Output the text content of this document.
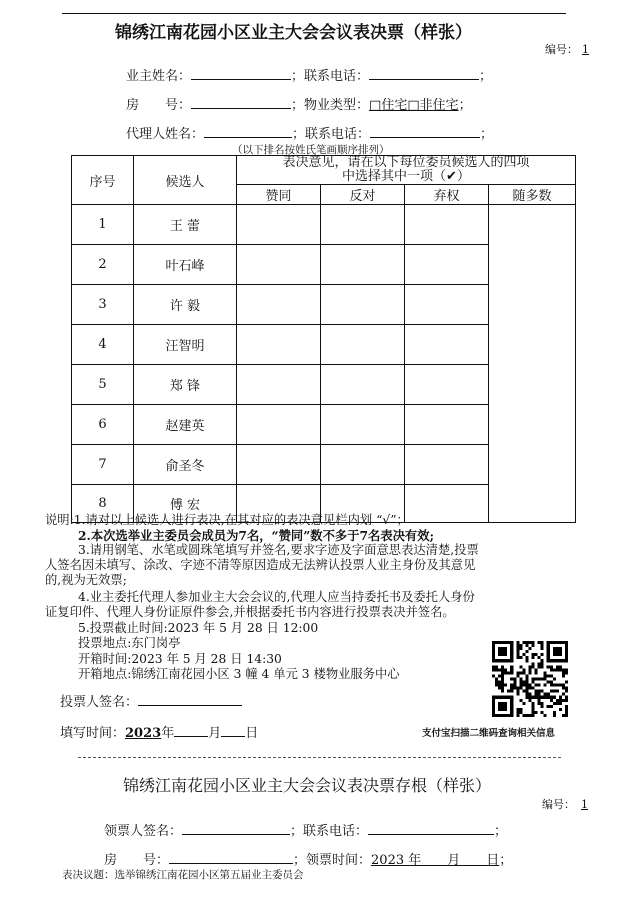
锦绣江南花园小区业主大会会议表决票（样张）
编号： 1
业主姓名：	；联系电话：	；
房　　号：	；物业类型：□住宅□非住宅；
代理人姓名：	；联系电话：	；
（以下排名按姓氏笔画顺序排列）
序号	候选人	表决意见，请在以下每位委员候选人的四项
中选择其中一项（✔）			

		赞同	反对	弃权	随多数
1	王 蕾				
2	叶石峰				
3	许 毅				
4	汪智明				
5	郑 锋				
6	赵建英				
7	俞圣冬				
8	傅 宏				
说明:1.请对以上候选人进行表决,在其对应的表决意见栏内划 “√”；
2.本次选举业主委员会成员为7名，“赞同”数不多于7名表决有效;
3.请用钢笔、水笔或圆珠笔填写并签名,要求字迹及字面意思表达清楚,投票
人签名因未填写、涂改、字迹不清等原因造成无法辨认投票人业主身份及其意见
的,视为无效票;
4.业主委托代理人参加业主大会会议的,代理人应当持委托书及委托人身份
证复印件、代理人身份证原件参会,并根据委托书内容进行投票表决并签名。
5.投票截止时间:2023 年 5 月 28 日 12:00
投票地点:东门岗亭
开箱时间:2023 年 5 月 28 日 14:30
开箱地点:锦绣江南花园小区 3 幢 4 单元 3 楼物业服务中心
支付宝扫描二维码查询相关信息
投票人签名：
填写时间：2023年	月 日
锦绣江南花园小区业主大会会议表决票存根（样张）
编号： 1
领票人签名：	；联系电话：	；
房　　号：	；领票时间：2023 年　　月　　日；
表决议题：选举锦绣江南花园小区第五届业主委员会
